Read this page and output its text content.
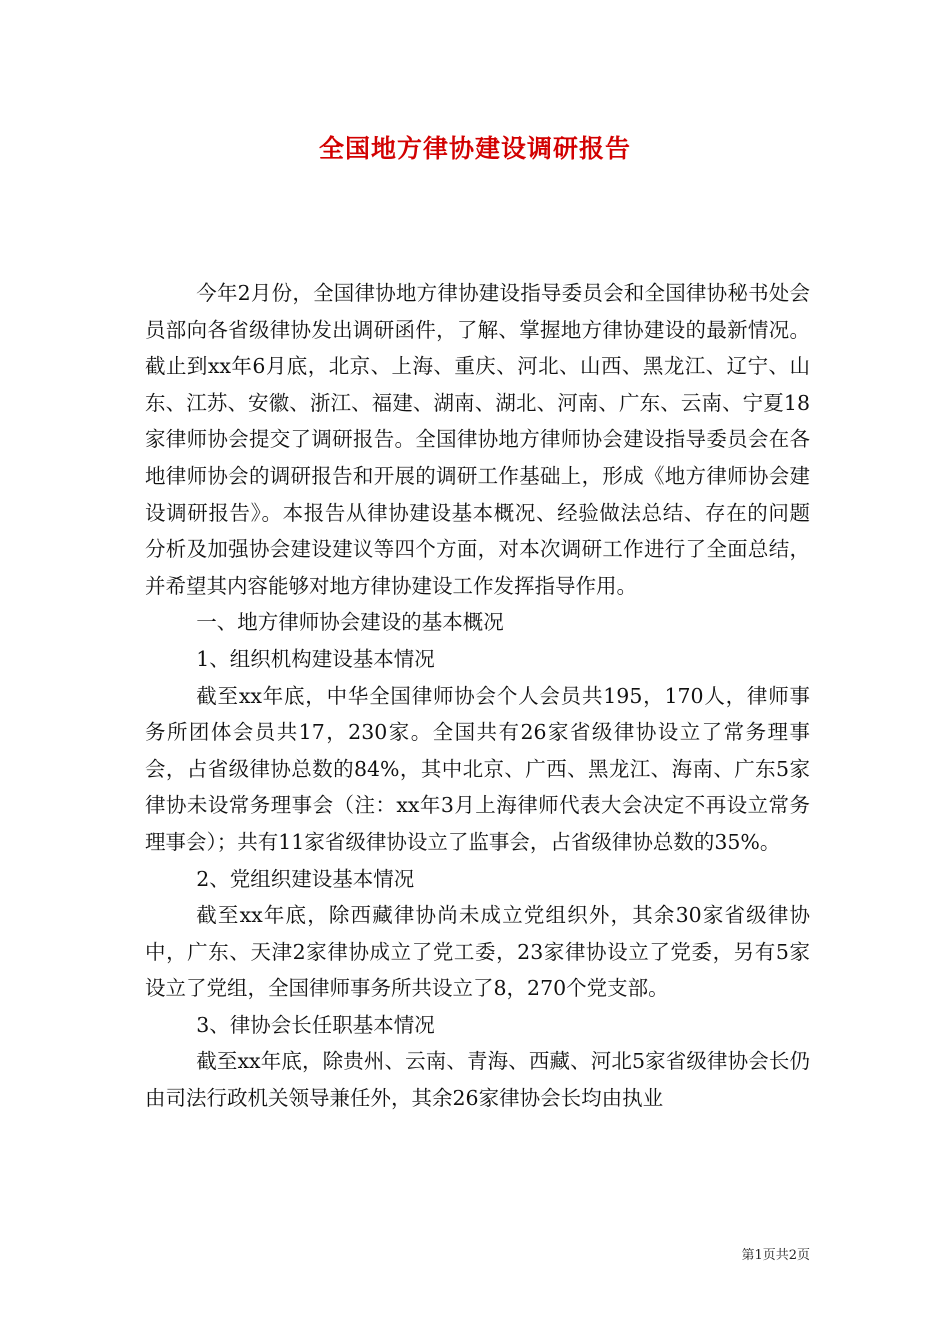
全国地方律协建设调研报告

今年2月份，全国律协地方律协建设指导委员会和全国律协秘书处会员部向各省级律协发出调研函件，了解、掌握地方律协建设的最新情况。截止到xx年6月底，北京、上海、重庆、河北、山西、黑龙江、辽宁、山东、江苏、安徽、浙江、福建、湖南、湖北、河南、广东、云南、宁夏18家律师协会提交了调研报告。全国律协地方律师协会建设指导委员会在各地律师协会的调研报告和开展的调研工作基础上，形成《地方律师协会建设调研报告》。本报告从律协建设基本概况、经验做法总结、存在的问题分析及加强协会建设建议等四个方面，对本次调研工作进行了全面总结，并希望其内容能够对地方律协建设工作发挥指导作用。

一、地方律师协会建设的基本概况

1、组织机构建设基本情况

截至xx年底，中华全国律师协会个人会员共195，170人，律师事务所团体会员共17，230家。全国共有26家省级律协设立了常务理事会，占省级律协总数的84%，其中北京、广西、黑龙江、海南、广东5家律协未设常务理事会（注：xx年3月上海律师代表大会决定不再设立常务理事会）；共有11家省级律协设立了监事会，占省级律协总数的35%。

2、党组织建设基本情况

截至xx年底，除西藏律协尚未成立党组织外，其余30家省级律协中，广东、天津2家律协成立了党工委，23家律协设立了党委，另有5家设立了党组，全国律师事务所共设立了8，270个党支部。

3、律协会长任职基本情况

截至xx年底，除贵州、云南、青海、西藏、河北5家省级律协会长仍由司法行政机关领导兼任外，其余26家律协会长均由执业

第1页共2页
